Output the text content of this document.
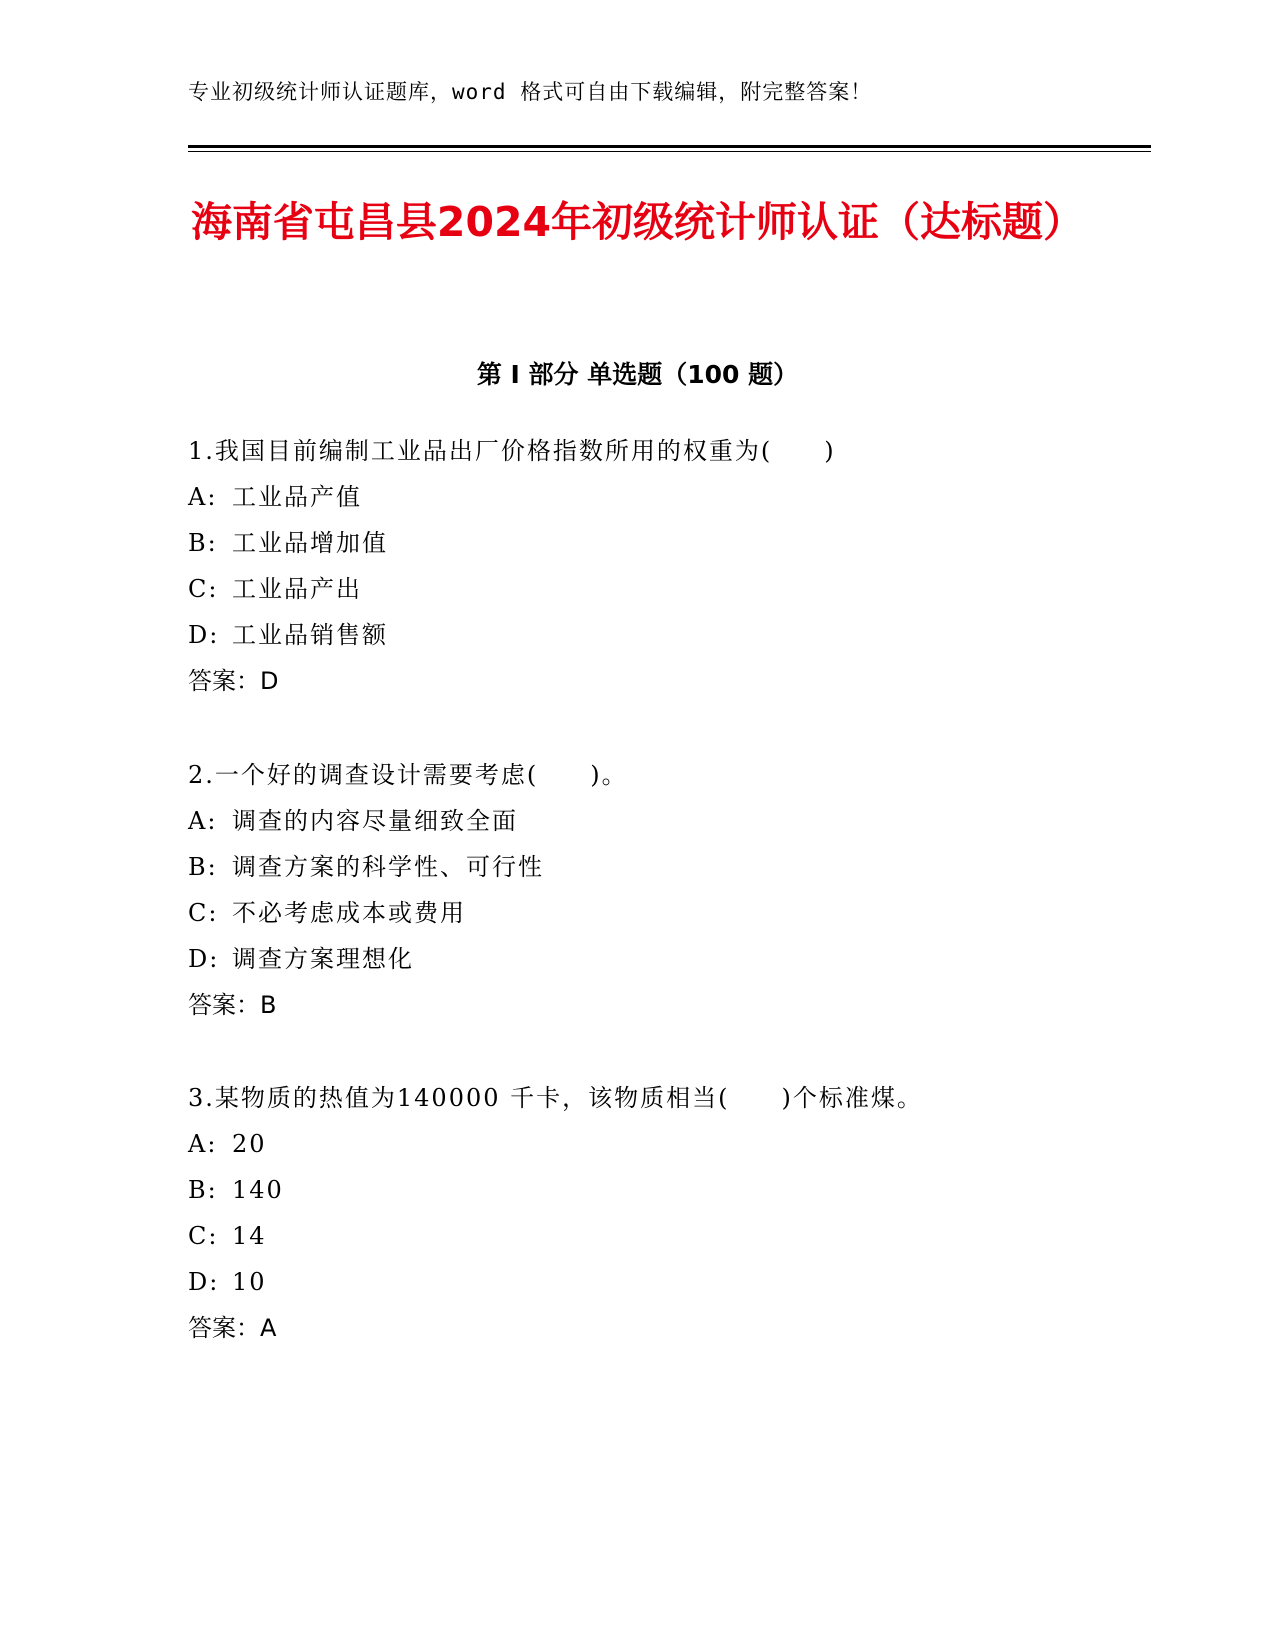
专业初级统计师认证题库，word 格式可自由下载编辑，附完整答案！
海南省屯昌县2024年初级统计师认证（达标题）
第 I 部分 单选题（100 题）
1.我国目前编制工业品出厂价格指数所用的权重为(　　)
A: 工业品产值
B: 工业品增加值
C: 工业品产出
D: 工业品销售额
答案：D
2.一个好的调查设计需要考虑(　　)。
A: 调查的内容尽量细致全面
B: 调查方案的科学性、可行性
C: 不必考虑成本或费用
D: 调查方案理想化
答案：B
3.某物质的热值为140000 千卡，该物质相当(　　)个标准煤。
A: 20
B: 140
C: 14
D: 10
答案：A
